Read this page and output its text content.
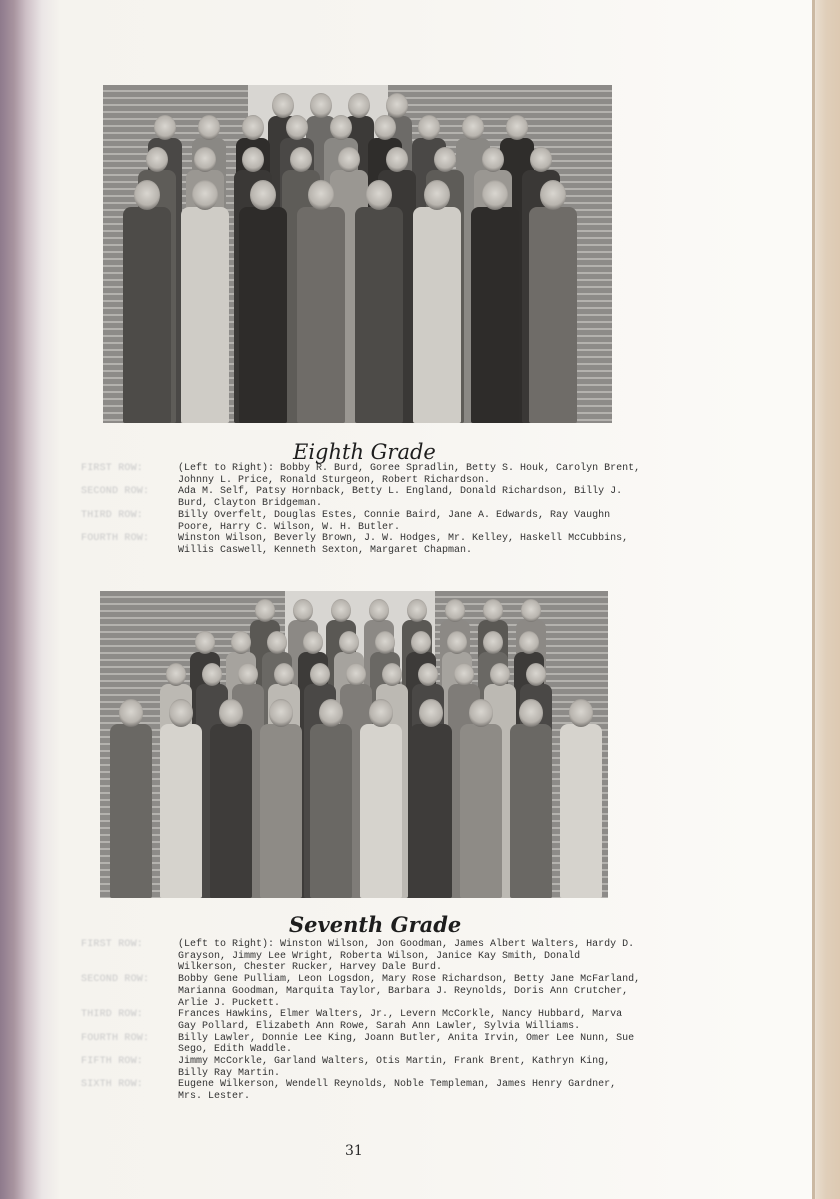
Eighth Grade
FIRST ROW:	(Left to Right): Bobby R. Burd, Goree Spradlin, Betty S. Houk, Carolyn Brent, Johnny L. Price, Ronald Sturgeon, Robert Richardson.
SECOND ROW:	Ada M. Self, Patsy Hornback, Betty L. England, Donald Richardson, Billy J. Burd, Clayton Bridgeman.
THIRD ROW:	Billy Overfelt, Douglas Estes, Connie Baird, Jane A. Edwards, Ray Vaughn Poore, Harry C. Wilson, W. H. Butler.
FOURTH ROW:	Winston Wilson, Beverly Brown, J. W. Hodges, Mr. Kelley, Haskell McCubbins, Willis Caswell, Kenneth Sexton, Margaret Chapman.
Seventh Grade
FIRST ROW:	(Left to Right): Winston Wilson, Jon Goodman, James Albert Walters, Hardy D. Grayson, Jimmy Lee Wright, Roberta Wilson, Janice Kay Smith, Donald Wilkerson, Chester Rucker, Harvey Dale Burd.
SECOND ROW:	Bobby Gene Pulliam, Leon Logsdon, Mary Rose Richardson, Betty Jane McFarland, Marianna Goodman, Marquita Taylor, Barbara J. Reynolds, Doris Ann Crutcher, Arlie J. Puckett.
THIRD ROW:	Frances Hawkins, Elmer Walters, Jr., Levern McCorkle, Nancy Hubbard, Marva Gay Pollard, Elizabeth Ann Rowe, Sarah Ann Lawler, Sylvia Williams.
FOURTH ROW:	Billy Lawler, Donnie Lee King, Joann Butler, Anita Irvin, Omer Lee Nunn, Sue Sego, Edith Waddle.
FIFTH ROW:	Jimmy McCorkle, Garland Walters, Otis Martin, Frank Brent, Kathryn King, Billy Ray Martin.
SIXTH ROW:	Eugene Wilkerson, Wendell Reynolds, Noble Templeman, James Henry Gardner, Mrs. Lester.
31
